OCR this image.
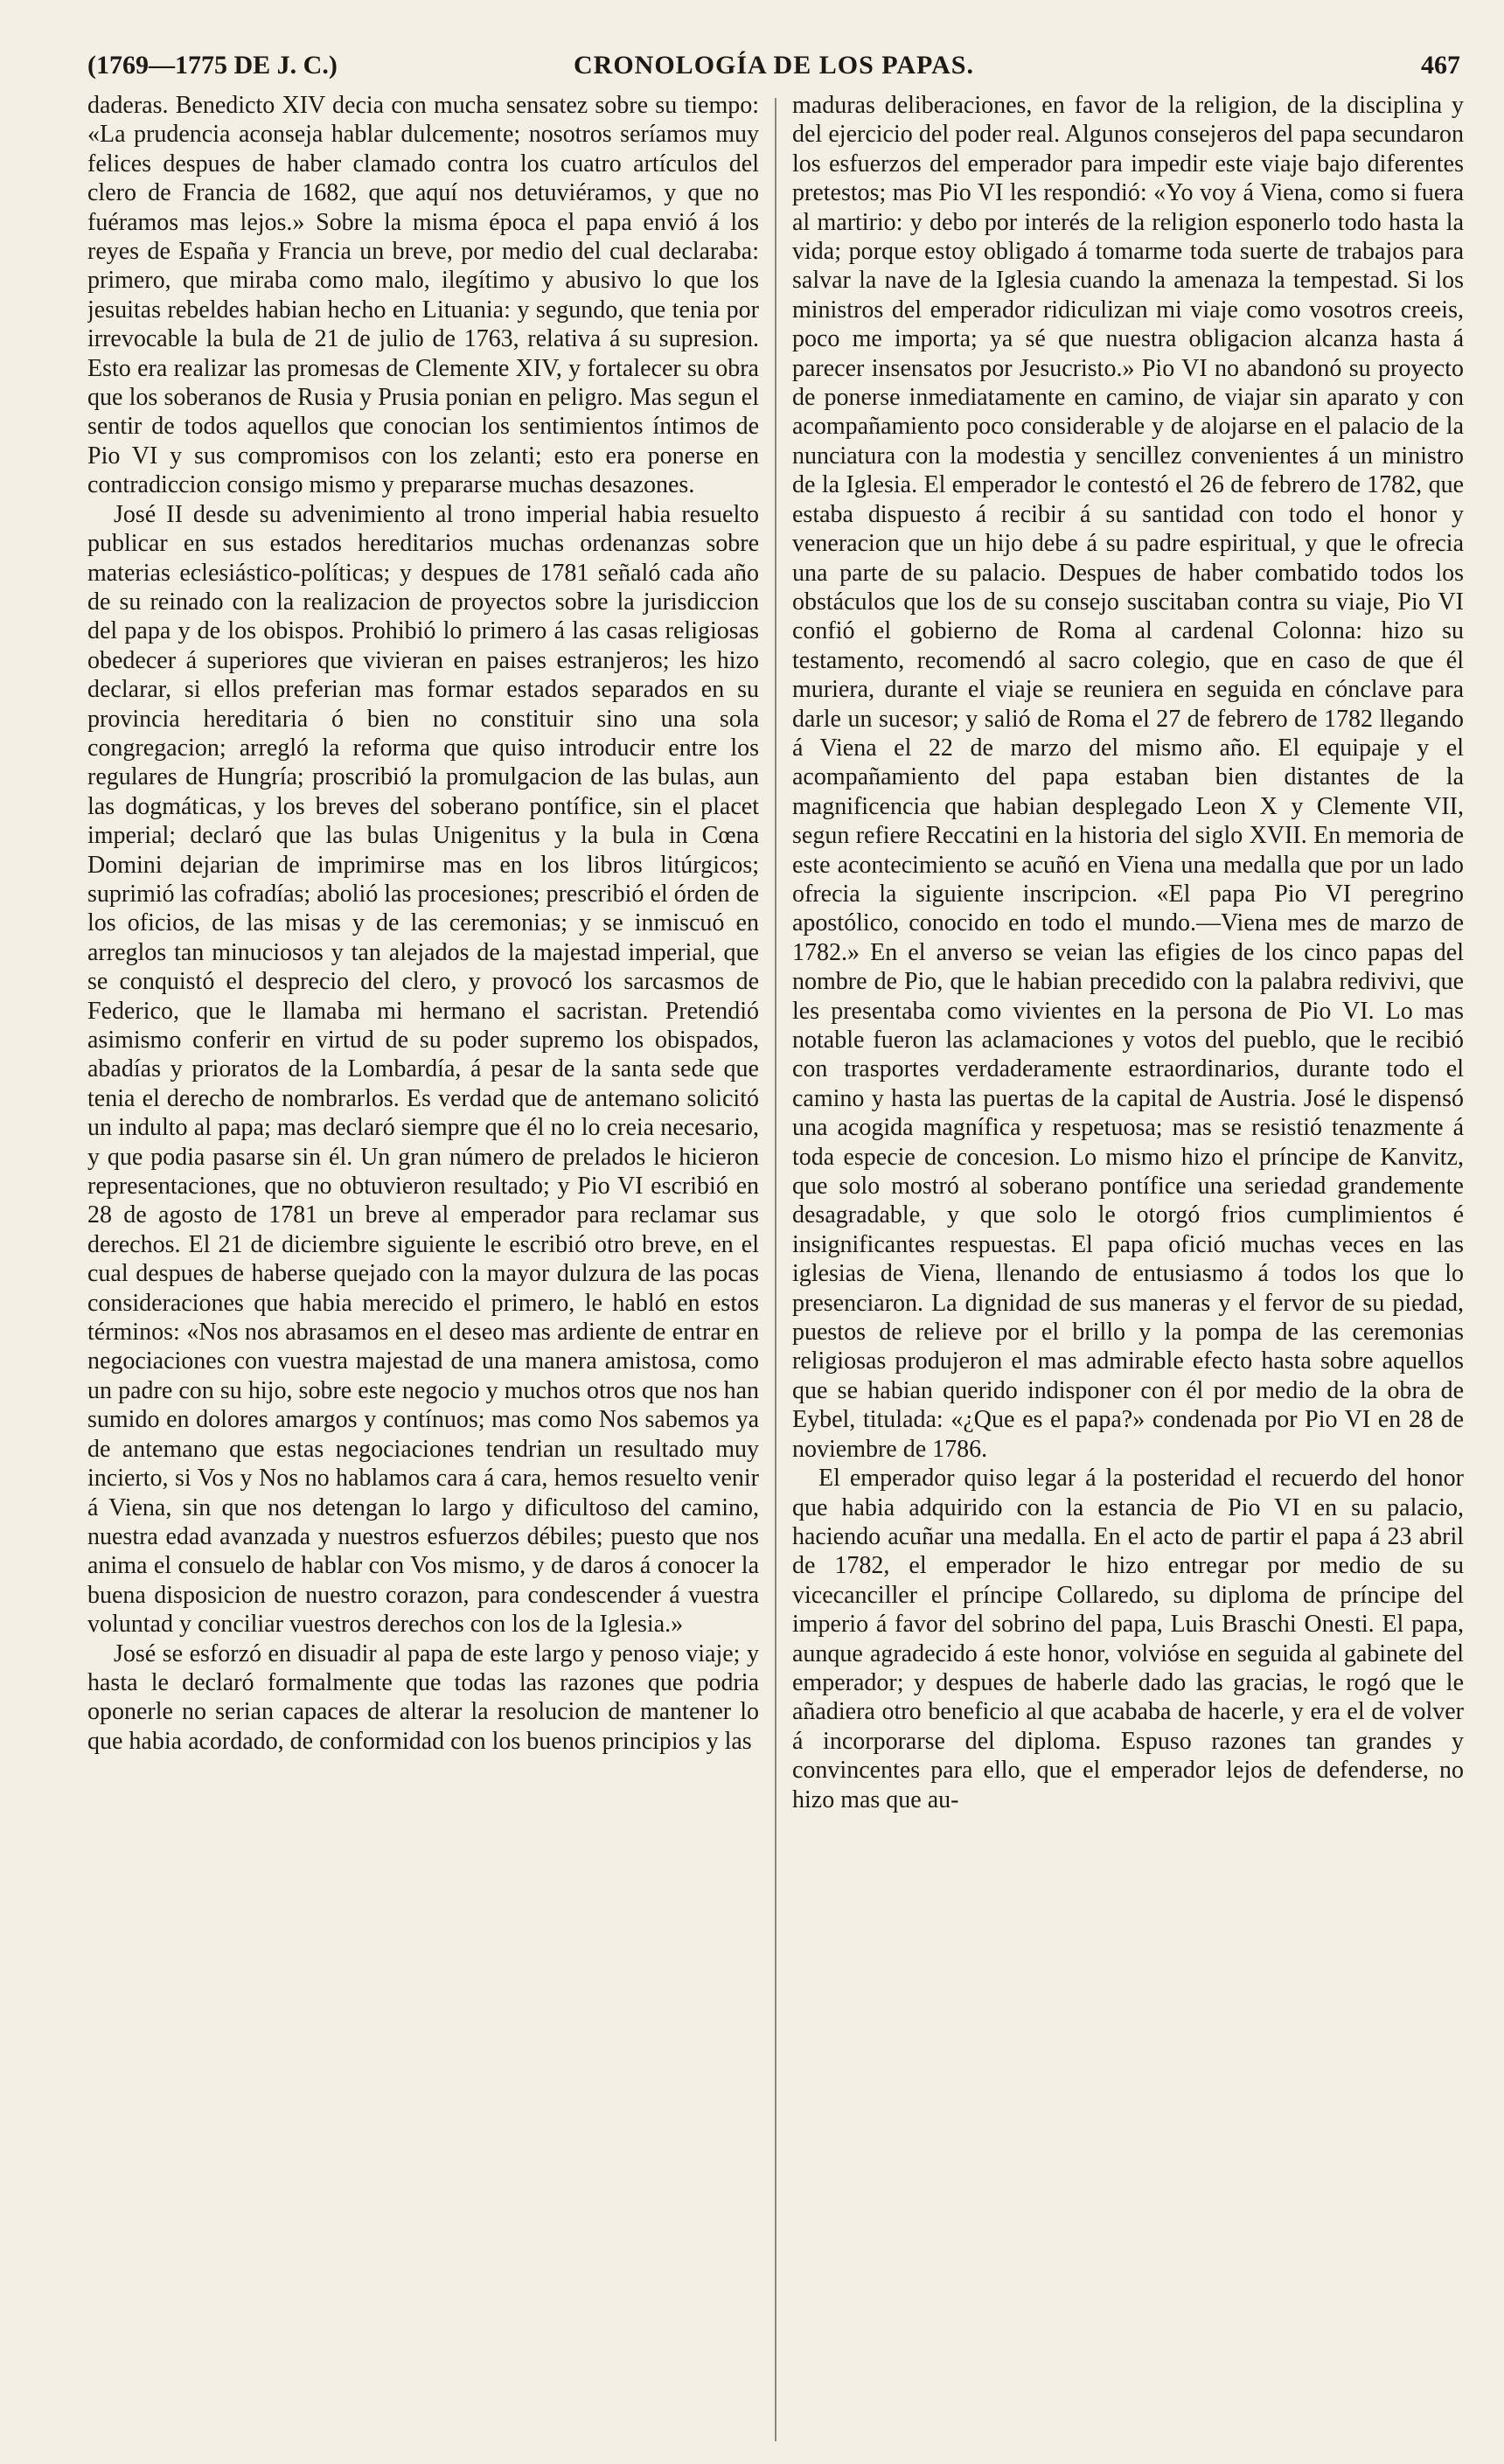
(1769—1775 DE J. C.)	CRONOLOGÍA DE LOS PAPAS.	467

daderas. Benedicto XIV decia con mucha sensatez sobre su tiempo: «La prudencia aconseja hablar dulcemente; nosotros seríamos muy felices despues de haber clamado contra los cuatro artículos del clero de Francia de 1682, que aquí nos detuviéramos, y que no fuéramos mas lejos.» Sobre la misma época el papa envió á los reyes de España y Francia un breve, por medio del cual declaraba: primero, que miraba como malo, ilegítimo y abusivo lo que los jesuitas rebeldes habian hecho en Lituania: y segundo, que tenia por irrevocable la bula de 21 de julio de 1763, relativa á su supresion. Esto era realizar las promesas de Clemente XIV, y fortalecer su obra que los soberanos de Rusia y Prusia ponian en peligro. Mas segun el sentir de todos aquellos que conocian los sentimientos íntimos de Pio VI y sus compromisos con los zelanti; esto era ponerse en contradiccion consigo mismo y prepararse muchas desazones.

José II desde su advenimiento al trono imperial habia resuelto publicar en sus estados hereditarios muchas ordenanzas sobre materias eclesiástico-políticas; y despues de 1781 señaló cada año de su reinado con la realizacion de proyectos sobre la jurisdiccion del papa y de los obispos. Prohibió lo primero á las casas religiosas obedecer á superiores que vivieran en paises estranjeros; les hizo declarar, si ellos preferian mas formar estados separados en su provincia hereditaria ó bien no constituir sino una sola congregacion; arregló la reforma que quiso introducir entre los regulares de Hungría; proscribió la promulgacion de las bulas, aun las dogmáticas, y los breves del soberano pontífice, sin el placet imperial; declaró que las bulas Unigenitus y la bula in Cœna Domini dejarian de imprimirse mas en los libros litúrgicos; suprimió las cofradías; abolió las procesiones; prescribió el órden de los oficios, de las misas y de las ceremonias; y se inmiscuó en arreglos tan minuciosos y tan alejados de la majestad imperial, que se conquistó el desprecio del clero, y provocó los sarcasmos de Federico, que le llamaba mi hermano el sacristan. Pretendió asimismo conferir en virtud de su poder supremo los obispados, abadías y prioratos de la Lombardía, á pesar de la santa sede que tenia el derecho de nombrarlos. Es verdad que de antemano solicitó un indulto al papa; mas declaró siempre que él no lo creia necesario, y que podia pasarse sin él. Un gran número de prelados le hicieron representaciones, que no obtuvieron resultado; y Pio VI escribió en 28 de agosto de 1781 un breve al emperador para reclamar sus derechos. El 21 de diciembre siguiente le escribió otro breve, en el cual despues de haberse quejado con la mayor dulzura de las pocas consideraciones que habia merecido el primero, le habló en estos términos: «Nos nos abrasamos en el deseo mas ardiente de entrar en negociaciones con vuestra majestad de una manera amistosa, como un padre con su hijo, sobre este negocio y muchos otros que nos han sumido en dolores amargos y contínuos; mas como Nos sabemos ya de antemano que estas negociaciones tendrian un resultado muy incierto, si Vos y Nos no hablamos cara á cara, hemos resuelto venir á Viena, sin que nos detengan lo largo y dificultoso del camino, nuestra edad avanzada y nuestros esfuerzos débiles; puesto que nos anima el consuelo de hablar con Vos mismo, y de daros á conocer la buena disposicion de nuestro corazon, para condescender á vuestra voluntad y conciliar vuestros derechos con los de la Iglesia.»

José se esforzó en disuadir al papa de este largo y penoso viaje; y hasta le declaró formalmente que todas las razones que podria oponerle no serian capaces de alterar la resolucion de mantener lo que habia acordado, de conformidad con los buenos principios y las

maduras deliberaciones, en favor de la religion, de la disciplina y del ejercicio del poder real. Algunos consejeros del papa secundaron los esfuerzos del emperador para impedir este viaje bajo diferentes pretestos; mas Pio VI les respondió: «Yo voy á Viena, como si fuera al martirio: y debo por interés de la religion esponerlo todo hasta la vida; porque estoy obligado á tomarme toda suerte de trabajos para salvar la nave de la Iglesia cuando la amenaza la tempestad. Si los ministros del emperador ridiculizan mi viaje como vosotros creeis, poco me importa; ya sé que nuestra obligacion alcanza hasta á parecer insensatos por Jesucristo.» Pio VI no abandonó su proyecto de ponerse inmediatamente en camino, de viajar sin aparato y con acompañamiento poco considerable y de alojarse en el palacio de la nunciatura con la modestia y sencillez convenientes á un ministro de la Iglesia. El emperador le contestó el 26 de febrero de 1782, que estaba dispuesto á recibir á su santidad con todo el honor y veneracion que un hijo debe á su padre espiritual, y que le ofrecia una parte de su palacio. Despues de haber combatido todos los obstáculos que los de su consejo suscitaban contra su viaje, Pio VI confió el gobierno de Roma al cardenal Colonna: hizo su testamento, recomendó al sacro colegio, que en caso de que él muriera, durante el viaje se reuniera en seguida en cónclave para darle un sucesor; y salió de Roma el 27 de febrero de 1782 llegando á Viena el 22 de marzo del mismo año. El equipaje y el acompañamiento del papa estaban bien distantes de la magnificencia que habian desplegado Leon X y Clemente VII, segun refiere Reccatini en la historia del siglo XVII. En memoria de este acontecimiento se acuñó en Viena una medalla que por un lado ofrecia la siguiente inscripcion. «El papa Pio VI peregrino apostólico, conocido en todo el mundo.—Viena mes de marzo de 1782.» En el anverso se veian las efigies de los cinco papas del nombre de Pio, que le habian precedido con la palabra redivivi, que les presentaba como vivientes en la persona de Pio VI. Lo mas notable fueron las aclamaciones y votos del pueblo, que le recibió con trasportes verdaderamente estraordinarios, durante todo el camino y hasta las puertas de la capital de Austria. José le dispensó una acogida magnífica y respetuosa; mas se resistió tenazmente á toda especie de concesion. Lo mismo hizo el príncipe de Kanvitz, que solo mostró al soberano pontífice una seriedad grandemente desagradable, y que solo le otorgó frios cumplimientos é insignificantes respuestas. El papa ofició muchas veces en las iglesias de Viena, llenando de entusiasmo á todos los que lo presenciaron. La dignidad de sus maneras y el fervor de su piedad, puestos de relieve por el brillo y la pompa de las ceremonias religiosas produjeron el mas admirable efecto hasta sobre aquellos que se habian querido indisponer con él por medio de la obra de Eybel, titulada: «¿Que es el papa?» condenada por Pio VI en 28 de noviembre de 1786.

El emperador quiso legar á la posteridad el recuerdo del honor que habia adquirido con la estancia de Pio VI en su palacio, haciendo acuñar una medalla. En el acto de partir el papa á 23 abril de 1782, el emperador le hizo entregar por medio de su vicecanciller el príncipe Collaredo, su diploma de príncipe del imperio á favor del sobrino del papa, Luis Braschi Onesti. El papa, aunque agradecido á este honor, volvióse en seguida al gabinete del emperador; y despues de haberle dado las gracias, le rogó que le añadiera otro beneficio al que acababa de hacerle, y era el de volver á incorporarse del diploma. Espuso razones tan grandes y convincentes para ello, que el emperador lejos de defenderse, no hizo mas que au-
